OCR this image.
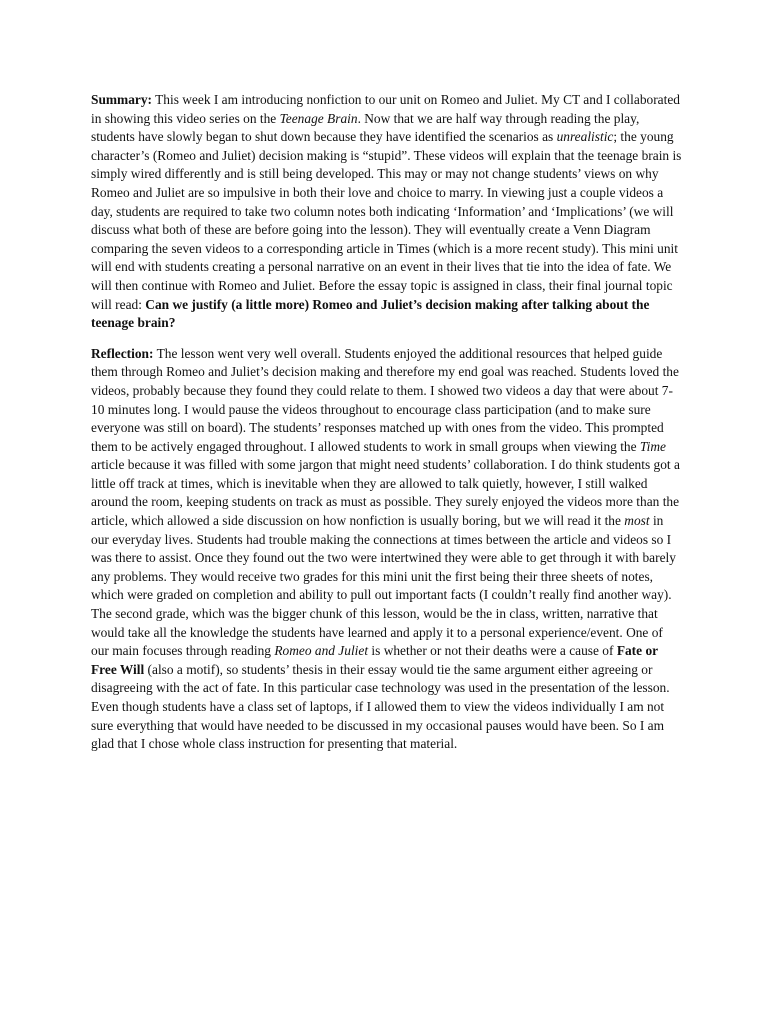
Summary: This week I am introducing nonfiction to our unit on Romeo and Juliet. My CT and I collaborated in showing this video series on the Teenage Brain. Now that we are half way through reading the play, students have slowly began to shut down because they have identified the scenarios as unrealistic; the young character’s (Romeo and Juliet) decision making is “stupid”. These videos will explain that the teenage brain is simply wired differently and is still being developed. This may or may not change students’ views on why Romeo and Juliet are so impulsive in both their love and choice to marry. In viewing just a couple videos a day, students are required to take two column notes both indicating ‘Information’ and ‘Implications’ (we will discuss what both of these are before going into the lesson). They will eventually create a Venn Diagram comparing the seven videos to a corresponding article in Times (which is a more recent study). This mini unit will end with students creating a personal narrative on an event in their lives that tie into the idea of fate. We will then continue with Romeo and Juliet. Before the essay topic is assigned in class, their final journal topic will read: Can we justify (a little more) Romeo and Juliet’s decision making after talking about the teenage brain?

Reflection: The lesson went very well overall. Students enjoyed the additional resources that helped guide them through Romeo and Juliet’s decision making and therefore my end goal was reached. Students loved the videos, probably because they found they could relate to them. I showed two videos a day that were about 7-10 minutes long. I would pause the videos throughout to encourage class participation (and to make sure everyone was still on board). The students’ responses matched up with ones from the video. This prompted them to be actively engaged throughout. I allowed students to work in small groups when viewing the Time article because it was filled with some jargon that might need students’ collaboration. I do think students got a little off track at times, which is inevitable when they are allowed to talk quietly, however, I still walked around the room, keeping students on track as must as possible. They surely enjoyed the videos more than the article, which allowed a side discussion on how nonfiction is usually boring, but we will read it the most in our everyday lives. Students had trouble making the connections at times between the article and videos so I was there to assist. Once they found out the two were intertwined they were able to get through it with barely any problems. They would receive two grades for this mini unit the first being their three sheets of notes, which were graded on completion and ability to pull out important facts (I couldn’t really find another way). The second grade, which was the bigger chunk of this lesson, would be the in class, written, narrative that would take all the knowledge the students have learned and apply it to a personal experience/event. One of our main focuses through reading Romeo and Juliet is whether or not their deaths were a cause of Fate or Free Will (also a motif), so students’ thesis in their essay would tie the same argument either agreeing or disagreeing with the act of fate. In this particular case technology was used in the presentation of the lesson. Even though students have a class set of laptops, if I allowed them to view the videos individually I am not sure everything that would have needed to be discussed in my occasional pauses would have been. So I am glad that I chose whole class instruction for presenting that material.
